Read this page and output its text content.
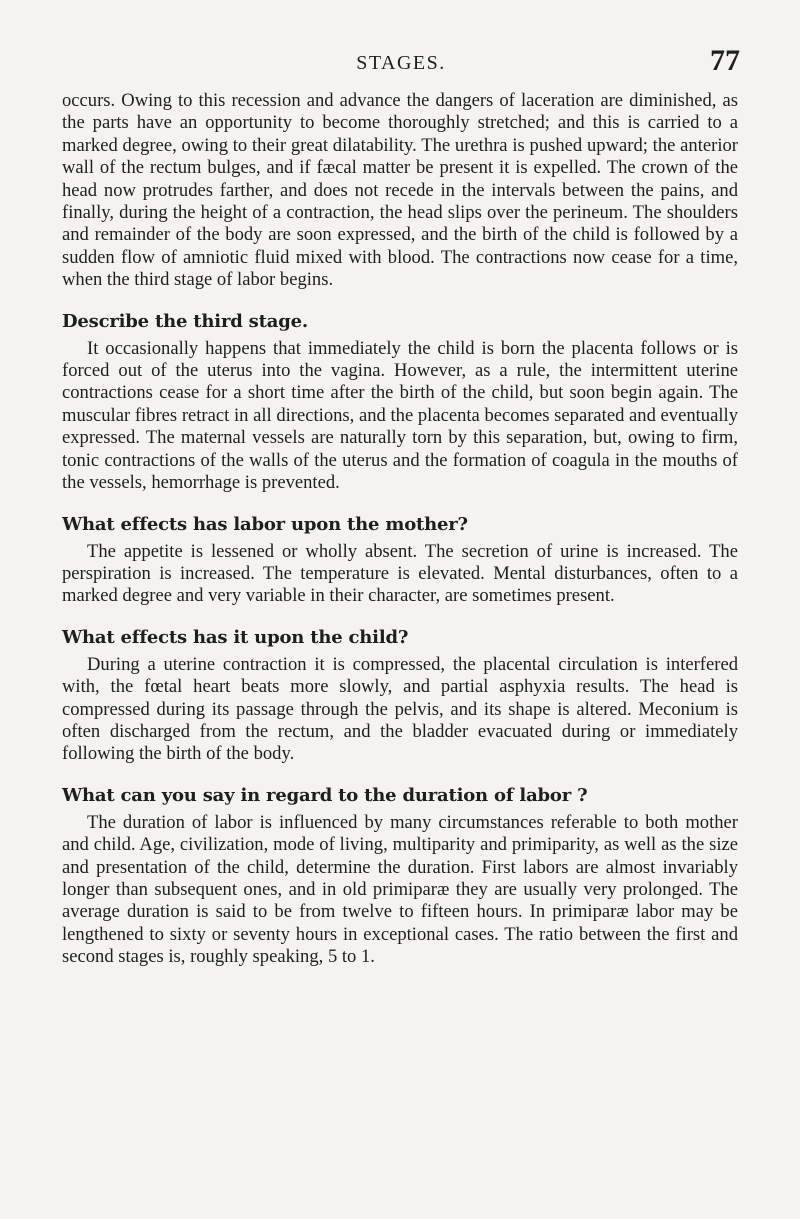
STAGES.	77

occurs. Owing to this recession and advance the dangers of laceration are diminished, as the parts have an opportunity to become thoroughly stretched; and this is carried to a marked degree, owing to their great dilatability. The urethra is pushed upward; the anterior wall of the rectum bulges, and if fæcal matter be present it is expelled. The crown of the head now protrudes farther, and does not recede in the intervals between the pains, and finally, during the height of a contraction, the head slips over the perineum. The shoulders and remainder of the body are soon expressed, and the birth of the child is followed by a sudden flow of amniotic fluid mixed with blood. The contractions now cease for a time, when the third stage of labor begins.

Describe the third stage.

It occasionally happens that immediately the child is born the placenta follows or is forced out of the uterus into the vagina. However, as a rule, the intermittent uterine contractions cease for a short time after the birth of the child, but soon begin again. The muscular fibres retract in all directions, and the placenta becomes separated and eventually expressed. The maternal vessels are naturally torn by this separation, but, owing to firm, tonic contractions of the walls of the uterus and the formation of coagula in the mouths of the vessels, hemorrhage is prevented.

What effects has labor upon the mother?

The appetite is lessened or wholly absent. The secretion of urine is increased. The perspiration is increased. The temperature is elevated. Mental disturbances, often to a marked degree and very variable in their character, are sometimes present.

What effects has it upon the child?

During a uterine contraction it is compressed, the placental circulation is interfered with, the fœtal heart beats more slowly, and partial asphyxia results. The head is compressed during its passage through the pelvis, and its shape is altered. Meconium is often discharged from the rectum, and the bladder evacuated during or immediately following the birth of the body.

What can you say in regard to the duration of labor ?

The duration of labor is influenced by many circumstances referable to both mother and child. Age, civilization, mode of living, multiparity and primiparity, as well as the size and presentation of the child, determine the duration. First labors are almost invariably longer than subsequent ones, and in old primiparæ they are usually very prolonged. The average duration is said to be from twelve to fifteen hours. In primiparæ labor may be lengthened to sixty or seventy hours in exceptional cases. The ratio between the first and second stages is, roughly speaking, 5 to 1.
